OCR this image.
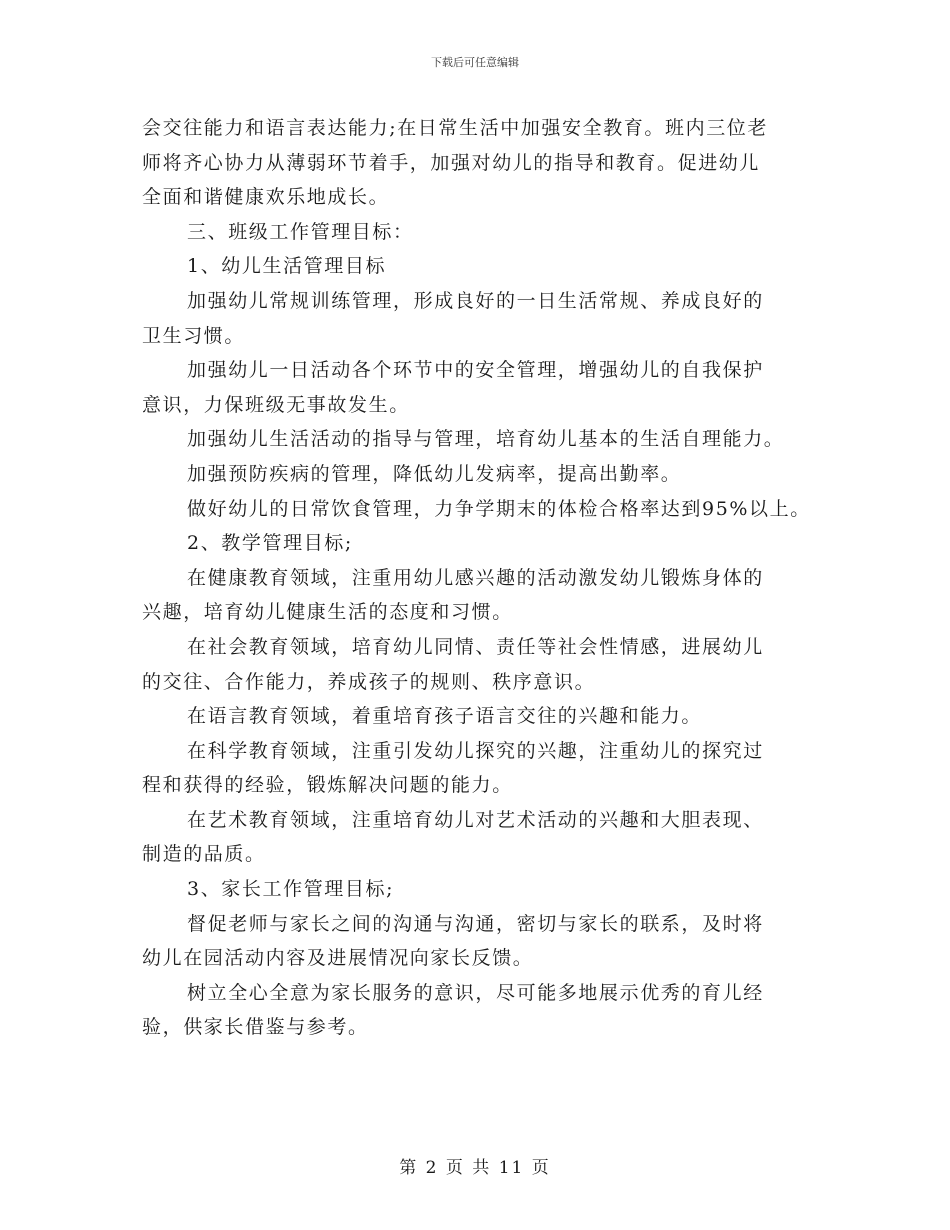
下载后可任意编辑
会交往能力和语言表达能力;在日常生活中加强安全教育。班内三位老
师将齐心协力从薄弱环节着手，加强对幼儿的指导和教育。促进幼儿
全面和谐健康欢乐地成长。
三、班级工作管理目标：
1、幼儿生活管理目标
加强幼儿常规训练管理，形成良好的一日生活常规、养成良好的
卫生习惯。
加强幼儿一日活动各个环节中的安全管理，增强幼儿的自我保护
意识，力保班级无事故发生。
加强幼儿生活活动的指导与管理，培育幼儿基本的生活自理能力。
加强预防疾病的管理，降低幼儿发病率，提高出勤率。
做好幼儿的日常饮食管理，力争学期末的体检合格率达到95%以上。
2、教学管理目标;
在健康教育领域，注重用幼儿感兴趣的活动激发幼儿锻炼身体的
兴趣，培育幼儿健康生活的态度和习惯。
在社会教育领域，培育幼儿同情、责任等社会性情感，进展幼儿
的交往、合作能力，养成孩子的规则、秩序意识。
在语言教育领域，着重培育孩子语言交往的兴趣和能力。
在科学教育领域，注重引发幼儿探究的兴趣，注重幼儿的探究过
程和获得的经验，锻炼解决问题的能力。
在艺术教育领域，注重培育幼儿对艺术活动的兴趣和大胆表现、
制造的品质。
3、家长工作管理目标;
督促老师与家长之间的沟通与沟通，密切与家长的联系，及时将
幼儿在园活动内容及进展情况向家长反馈。
树立全心全意为家长服务的意识，尽可能多地展示优秀的育儿经
验，供家长借鉴与参考。
第 2 页 共 11 页
